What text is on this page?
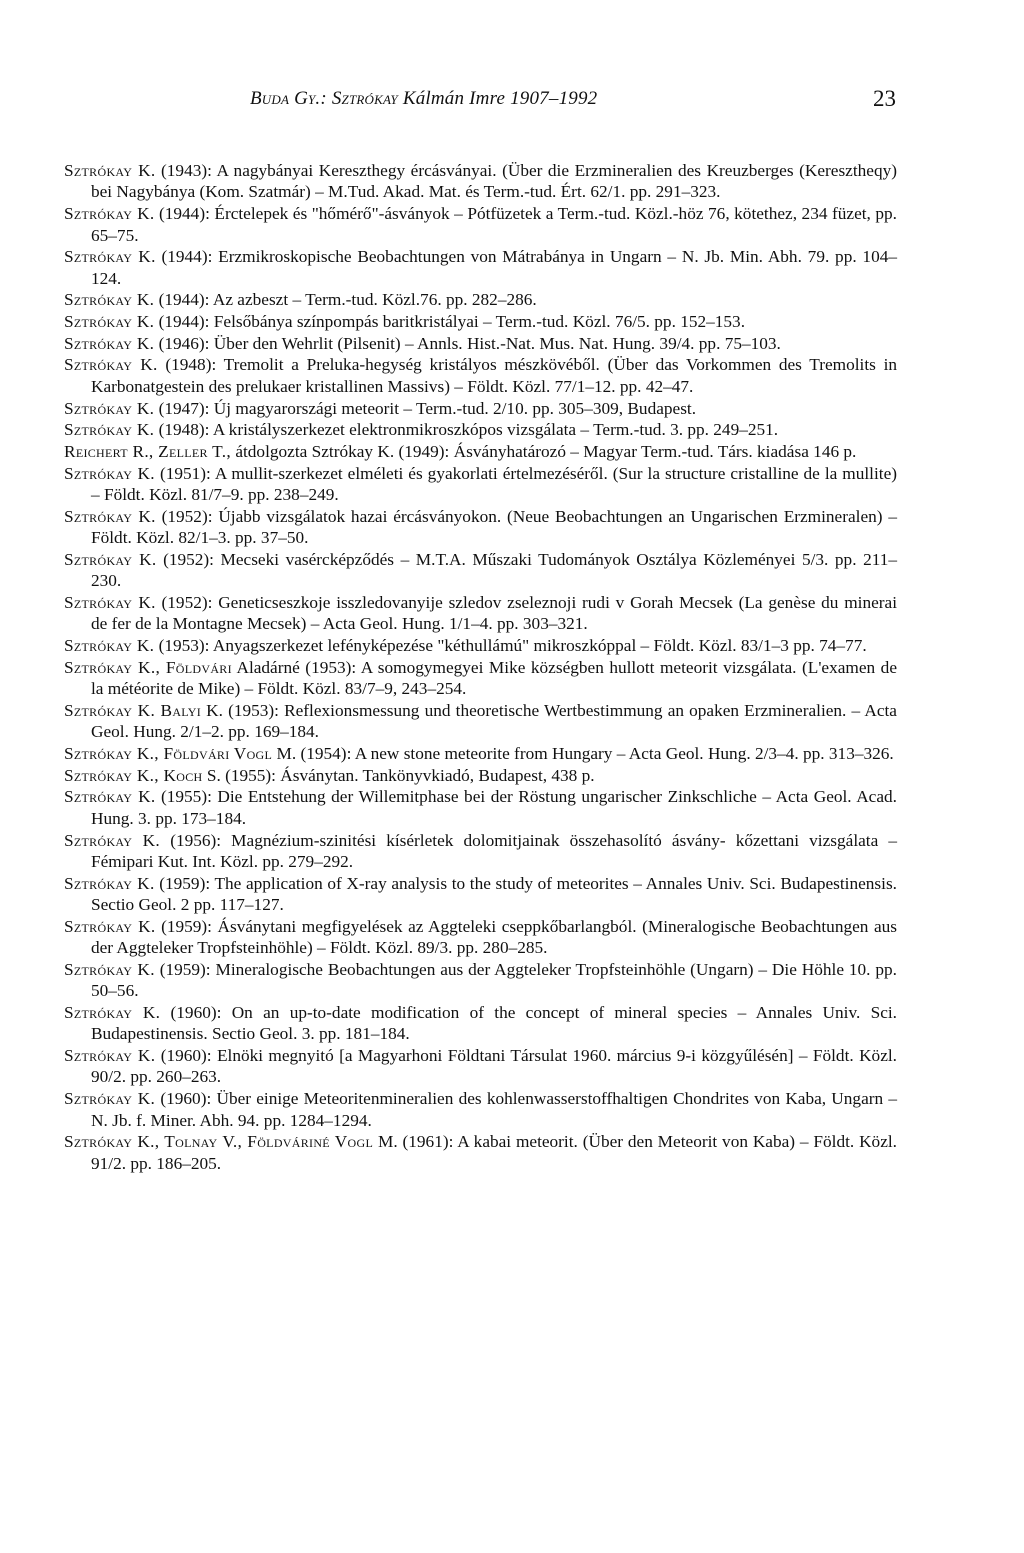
Buda Gy.: Sztrókay Kálmán Imre 1907–1992	23

Sztrókay K. (1943): A nagybányai Kereszthegy ércásványai. (Über die Erzmineralien des Kreuzberges (Keresztheqy) bei Nagybánya (Kom. Szatmár) – M.Tud. Akad. Mat. és Term.-tud. Ért. 62/1. pp. 291–323.

Sztrókay K. (1944): Érctelepek és "hőmérő"-ásványok – Pótfüzetek a Term.-tud. Közl.-höz 76, kötethez, 234 füzet, pp. 65–75.

Sztrókay K. (1944): Erzmikroskopische Beobachtungen von Mátrabánya in Ungarn – N. Jb. Min. Abh. 79. pp. 104–124.

Sztrókay K. (1944): Az azbeszt – Term.-tud. Közl.76. pp. 282–286.

Sztrókay K. (1944): Felsőbánya színpompás baritkristályai – Term.-tud. Közl. 76/5. pp. 152–153.

Sztrókay K. (1946): Über den Wehrlit (Pilsenit) – Annls. Hist.-Nat. Mus. Nat. Hung. 39/4. pp. 75–103.

Sztrókay K. (1948): Tremolit a Preluka-hegység kristályos mészkövéből. (Über das Vorkommen des Tremolits in Karbonatgestein des prelukaer kristallinen Massivs) – Földt. Közl. 77/1–12. pp. 42–47.

Sztrókay K. (1947): Új magyarországi meteorit – Term.-tud. 2/10. pp. 305–309, Budapest.

Sztrókay K. (1948): A kristályszerkezet elektronmikroszkópos vizsgálata – Term.-tud. 3. pp. 249–251.

Reichert R., Zeller T., átdolgozta Sztrókay K. (1949): Ásványhatározó – Magyar Term.-tud. Társ. kiadása 146 p.

Sztrókay K. (1951): A mullit-szerkezet elméleti és gyakorlati értelmezéséről. (Sur la structure cristalline de la mullite) – Földt. Közl. 81/7–9. pp. 238–249.

Sztrókay K. (1952): Újabb vizsgálatok hazai ércásványokon. (Neue Beobachtungen an Ungarischen Erzmineralen) – Földt. Közl. 82/1–3. pp. 37–50.

Sztrókay K. (1952): Mecseki vasércképződés – M.T.A. Műszaki Tudományok Osztálya Közleményei 5/3. pp. 211–230.

Sztrókay K. (1952): Geneticseszkoje isszledovanyije szledov zseleznoji rudi v Gorah Mecsek (La genèse du minerai de fer de la Montagne Mecsek) – Acta Geol. Hung. 1/1–4. pp. 303–321.

Sztrókay K. (1953): Anyagszerkezet lefényképezése "kéthullámú" mikroszkóppal – Földt. Közl. 83/1–3 pp. 74–77.

Sztrókay K., Földvári Aladárné (1953): A somogymegyei Mike községben hullott meteorit vizsgálata. (L'examen de la météorite de Mike) – Földt. Közl. 83/7–9, 243–254.

Sztrókay K. Balyi K. (1953): Reflexionsmessung und theoretische Wertbestimmung an opaken Erzmineralien. – Acta Geol. Hung. 2/1–2. pp. 169–184.

Sztrókay K., Földvári Vogl M. (1954): A new stone meteorite from Hungary – Acta Geol. Hung. 2/3–4. pp. 313–326.

Sztrókay K., Koch S. (1955): Ásványtan. Tankönyvkiadó, Budapest, 438 p.

Sztrókay K. (1955): Die Entstehung der Willemitphase bei der Röstung ungarischer Zinkschliche – Acta Geol. Acad. Hung. 3. pp. 173–184.

Sztrókay K. (1956): Magnézium-szinitési kísérletek dolomitjainak összehasolító ásvány- kőzettani vizsgálata – Fémipari Kut. Int. Közl. pp. 279–292.

Sztrókay K. (1959): The application of X-ray analysis to the study of meteorites – Annales Univ. Sci. Budapestinensis. Sectio Geol. 2 pp. 117–127.

Sztrókay K. (1959): Ásványtani megfigyelések az Aggteleki cseppkőbarlangból. (Mineralogische Beobachtungen aus der Aggteleker Tropfsteinhöhle) – Földt. Közl. 89/3. pp. 280–285.

Sztrókay K. (1959): Mineralogische Beobachtungen aus der Aggteleker Tropfsteinhöhle (Ungarn) – Die Höhle 10. pp. 50–56.

Sztrókay K. (1960): On an up-to-date modification of the concept of mineral species – Annales Univ. Sci. Budapestinensis. Sectio Geol. 3. pp. 181–184.

Sztrókay K. (1960): Elnöki megnyitó [a Magyarhoni Földtani Társulat 1960. március 9-i közgyűlésén] – Földt. Közl. 90/2. pp. 260–263.

Sztrókay K. (1960): Über einige Meteoritenmineralien des kohlenwasserstoffhaltigen Chondrites von Kaba, Ungarn – N. Jb. f. Miner. Abh. 94. pp. 1284–1294.

Sztrókay K., Tolnay V., Földváriné Vogl M. (1961): A kabai meteorit. (Über den Meteorit von Kaba) – Földt. Közl. 91/2. pp. 186–205.
